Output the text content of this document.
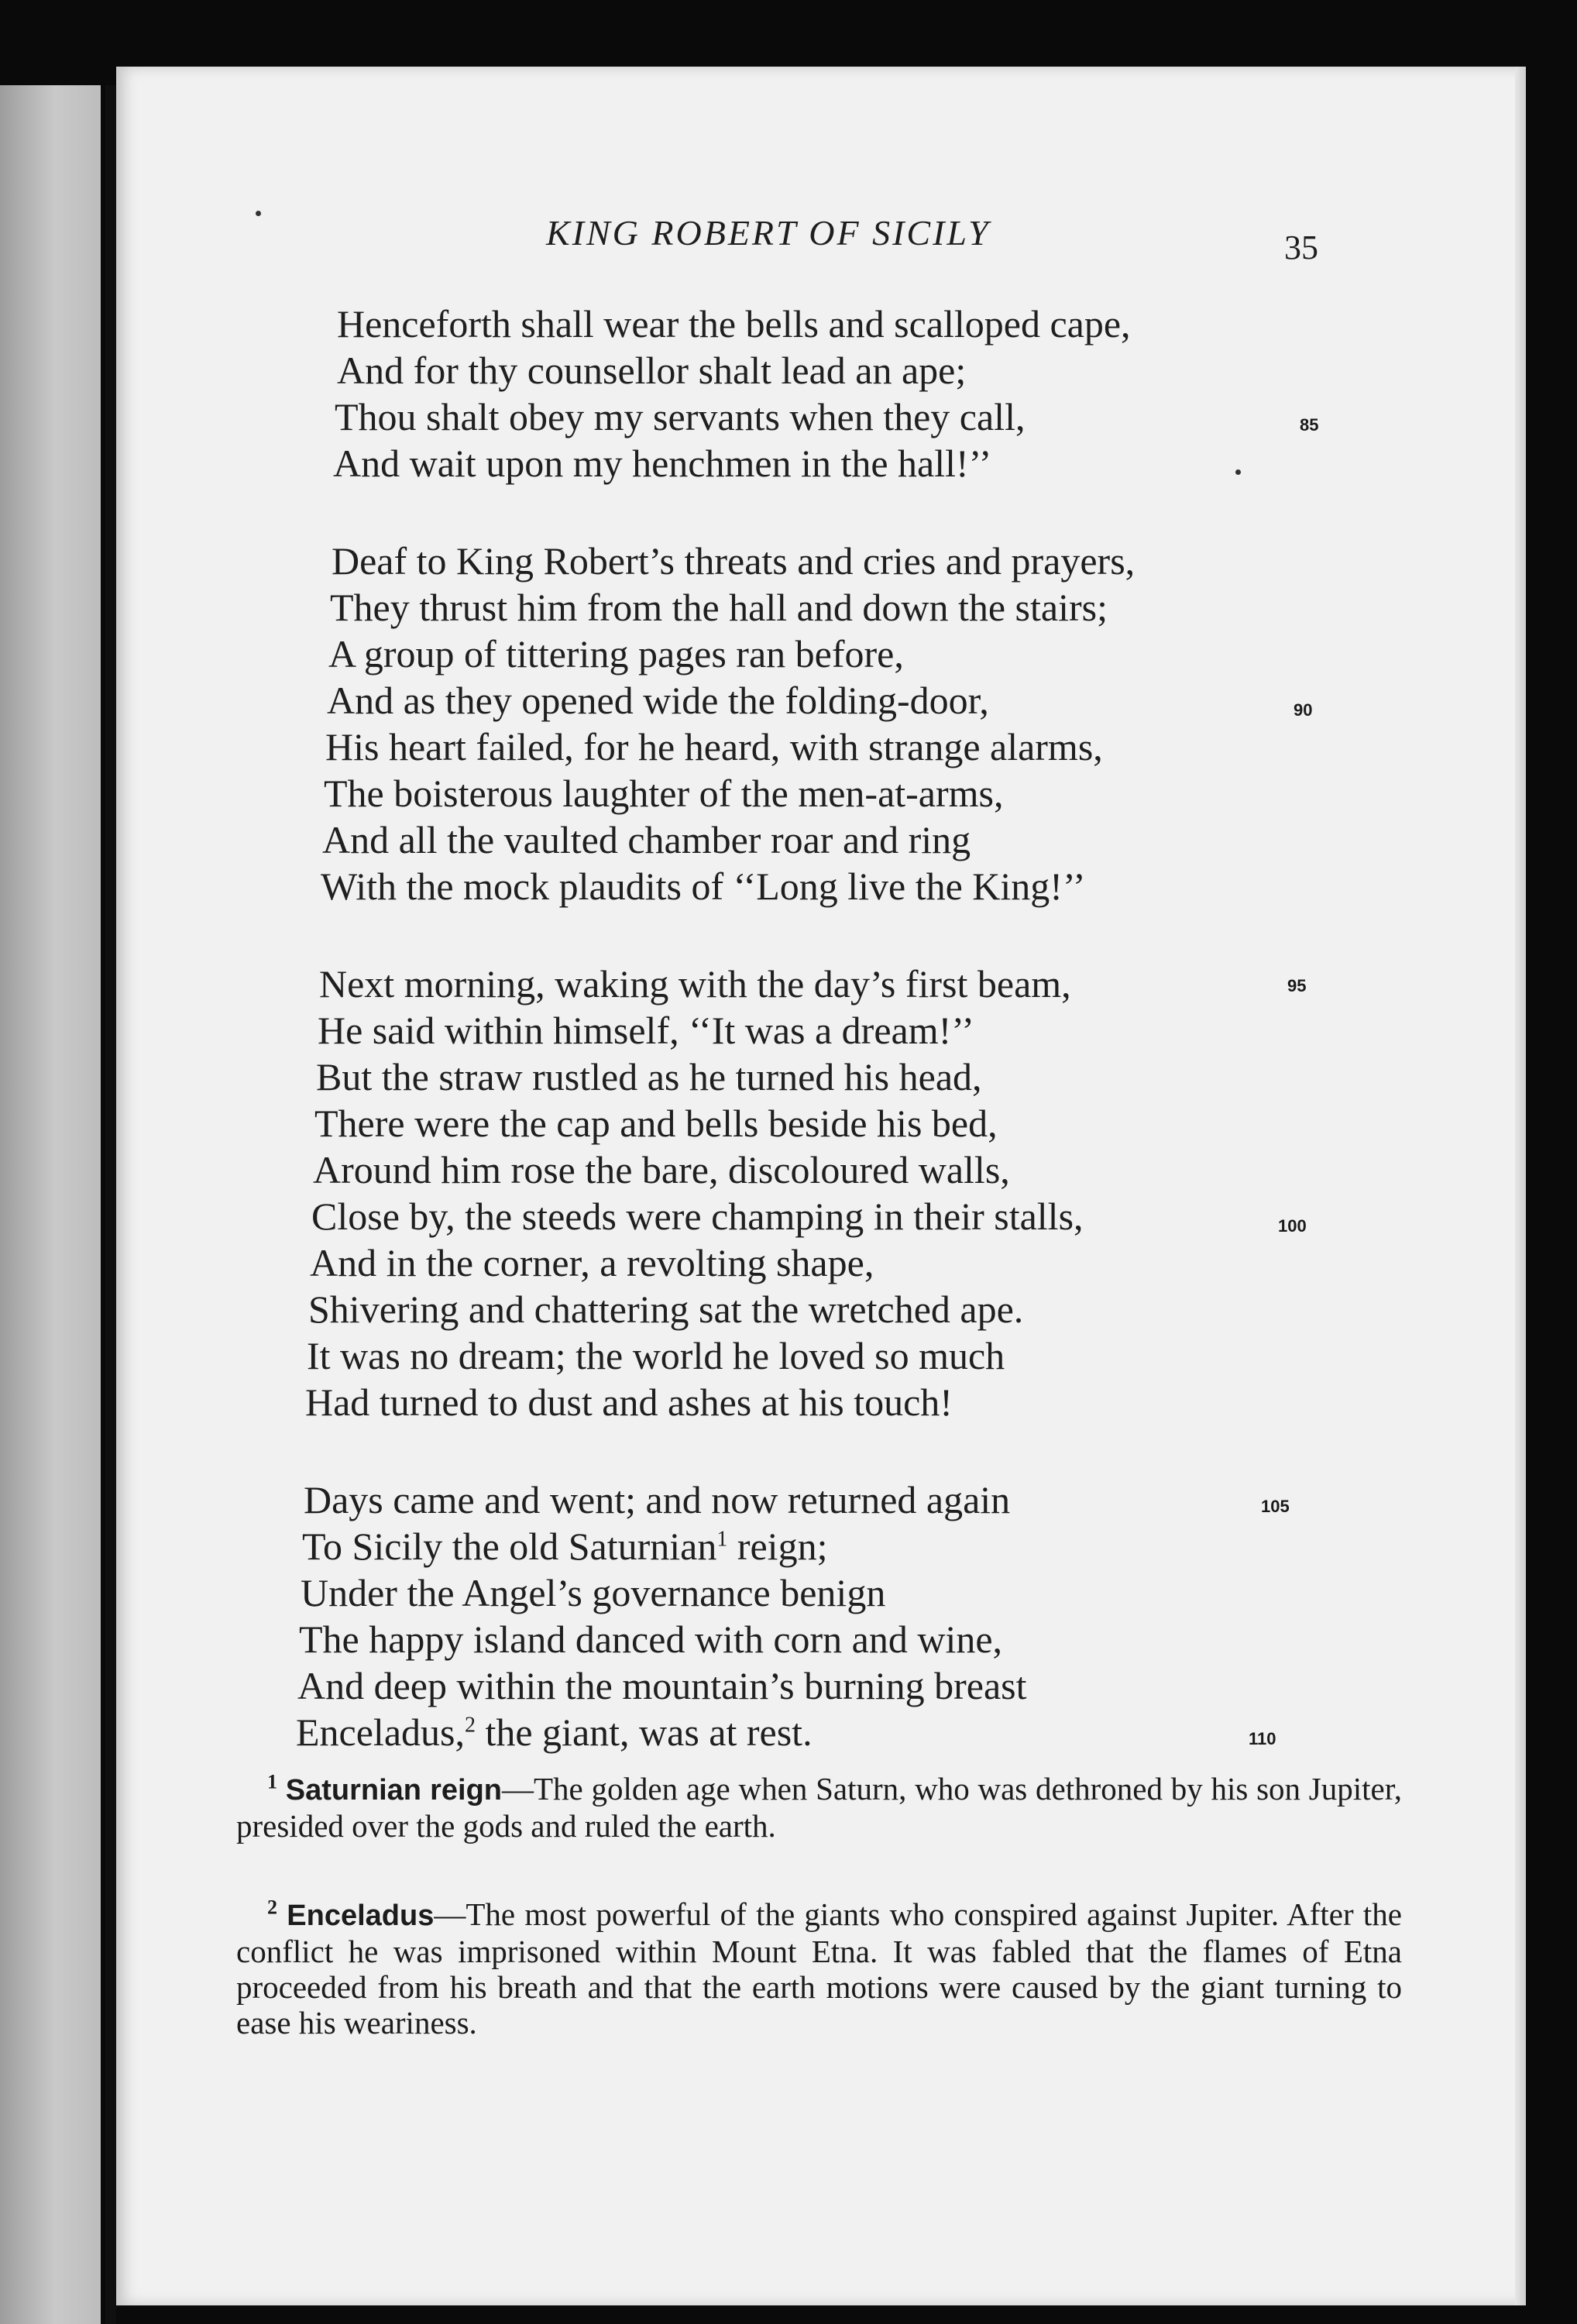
KING ROBERT OF SICILY	35
Henceforth shall wear the bells and scalloped cape,
And for thy counsellor shalt lead an ape;
Thou shalt obey my servants when they call,	85
And wait upon my henchmen in the hall!’’
Deaf to King Robert’s threats and cries and prayers,
They thrust him from the hall and down the stairs;
A group of tittering pages ran before,
And as they opened wide the folding-door,	90
His heart failed, for he heard, with strange alarms,
The boisterous laughter of the men-at-arms,
And all the vaulted chamber roar and ring
With the mock plaudits of ‘‘Long live the King!’’
Next morning, waking with the day’s first beam,	95
He said within himself, ‘‘It was a dream!’’
But the straw rustled as he turned his head,
There were the cap and bells beside his bed,
Around him rose the bare, discoloured walls,
Close by, the steeds were champing in their stalls,	100
And in the corner, a revolting shape,
Shivering and chattering sat the wretched ape.
It was no dream; the world he loved so much
Had turned to dust and ashes at his touch!
Days came and went; and now returned again	105
To Sicily the old Saturnian$^1$ reign;
Under the Angel’s governance benign
The happy island danced with corn and wine,
And deep within the mountain’s burning breast
Enceladus,$^2$ the giant, was at rest.	110
$^1$ Saturnian reign—The golden age when Saturn, who was dethroned by his son Jupiter, presided over the gods and ruled the earth.
$^2$ Enceladus—The most powerful of the giants who conspired against Jupiter. After the conflict he was imprisoned within Mount Etna. It was fabled that the flames of Etna proceeded from his breath and that the earth motions were caused by the giant turning to ease his weariness.
